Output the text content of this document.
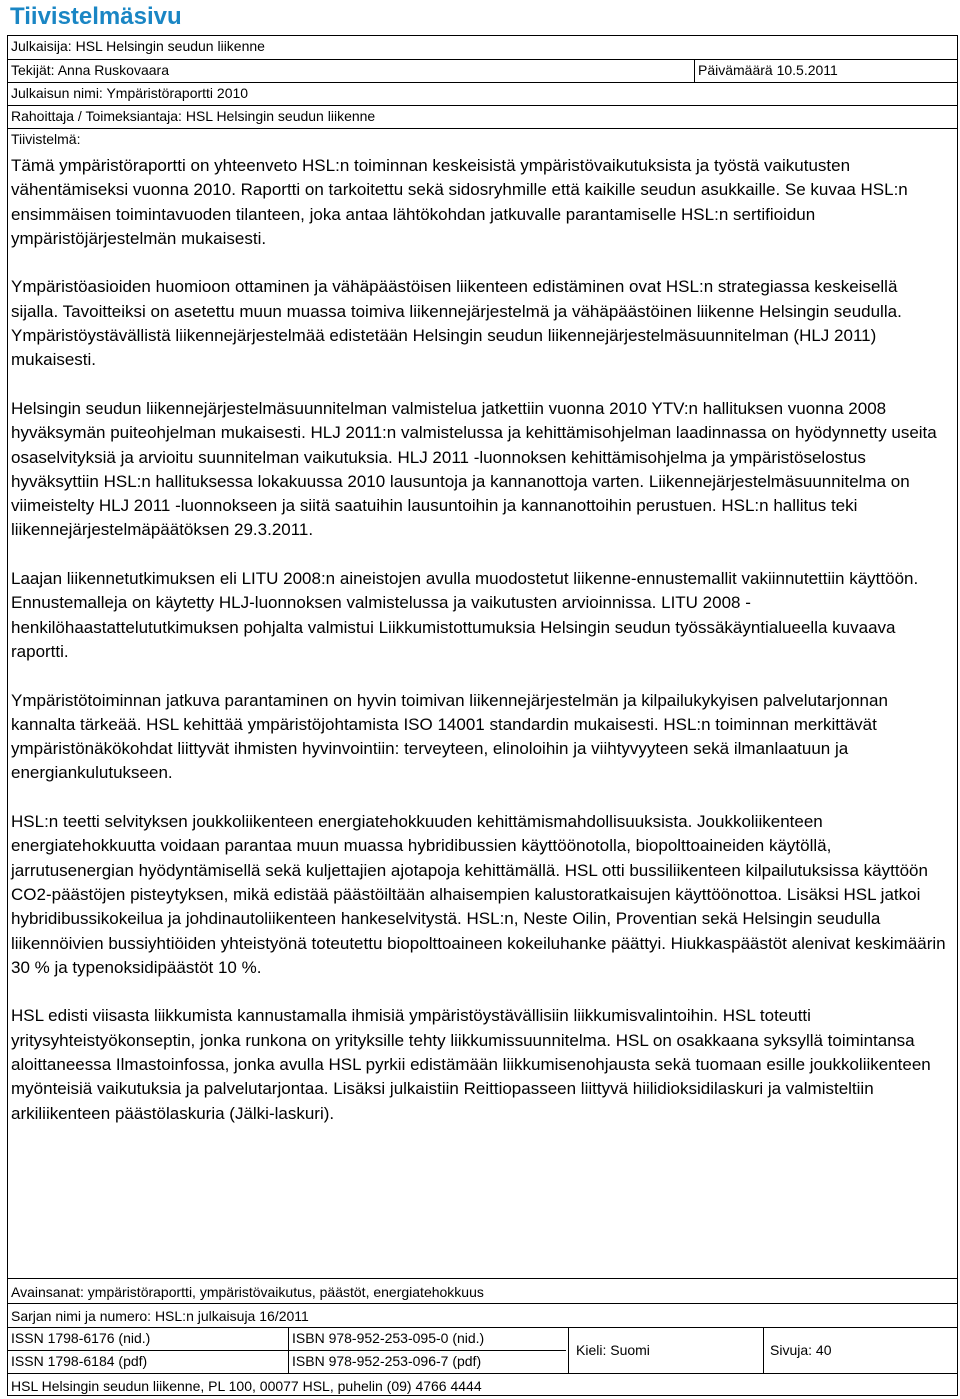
Tiivistelmäsivu
Julkaisija: HSL Helsingin seudun liikenne
Tekijät: Anna Ruskovaara	Päivämäärä 10.5.2011
Julkaisun nimi: Ympäristöraportti 2010
Rahoittaja / Toimeksiantaja: HSL Helsingin seudun liikenne
Tiivistelmä:

Tämä ympäristöraportti on yhteenveto HSL:n toiminnan keskeisistä ympäristövaikutuksista ja työstä vaikutusten vähentämiseksi vuonna 2010. Raportti on tarkoitettu sekä sidosryhmille että kaikille seudun asukkaille. Se kuvaa HSL:n ensimmäisen toimintavuoden tilanteen, joka antaa lähtökohdan jatkuvalle parantamiselle HSL:n sertifioidun ympäristöjärjestelmän mukaisesti.

Ympäristöasioiden huomioon ottaminen ja vähäpäästöisen liikenteen edistäminen ovat HSL:n strategiassa keskeisellä sijalla. Tavoitteiksi on asetettu muun muassa toimiva liikennejärjestelmä ja vähäpäästöinen liikenne Helsingin seudulla. Ympäristöystävällistä liikennejärjestelmää edistetään Helsingin seudun liikennejärjestelmäsuunnitelman (HLJ 2011) mukaisesti.

Helsingin seudun liikennejärjestelmäsuunnitelman valmistelua jatkettiin vuonna 2010 YTV:n hallituksen vuonna 2008 hyväksymän puiteohjelman mukaisesti. HLJ 2011:n valmistelussa ja kehittämisohjelman laadinnassa on hyödynnetty useita osaselvityksiä ja arvioitu suunnitelman vaikutuksia. HLJ 2011 -luonnoksen kehittämisohjelma ja ympäristöselostus hyväksyttiin HSL:n hallituksessa lokakuussa 2010 lausuntoja ja kannanottoja varten. Liikennejärjestelmäsuunnitelma on viimeistelty HLJ 2011 -luonnokseen ja siitä saatuihin lausuntoihin ja kannanottoihin perustuen. HSL:n hallitus teki liikennejärjestelmäpäätöksen 29.3.2011.

Laajan liikennetutkimuksen eli LITU 2008:n aineistojen avulla muodostetut liikenne-ennustemallit vakiinnutettiin käyttöön. Ennustemalleja on käytetty HLJ-luonnoksen valmistelussa ja vaikutusten arvioinnissa. LITU 2008 -henkilöhaastattelututkimuksen pohjalta valmistui Liikkumistottumuksia Helsingin seudun työssäkäyntialueella kuvaava raportti.

Ympäristötoiminnan jatkuva parantaminen on hyvin toimivan liikennejärjestelmän ja kilpailukykyisen palvelutarjonnan kannalta tärkeää. HSL kehittää ympäristöjohtamista ISO 14001 standardin mukaisesti. HSL:n toiminnan merkittävät ympäristönäkökohdat liittyvät ihmisten hyvinvointiin: terveyteen, elinoloihin ja viihtyvyyteen sekä ilmanlaatuun ja energiankulutukseen.

HSL:n teetti selvityksen joukkoliikenteen energiatehokkuuden kehittämismahdollisuuksista. Joukkoliikenteen energiatehokkuutta voidaan parantaa muun muassa hybridibussien käyttöönotolla, biopolttoaineiden käytöllä, jarrutusenergian hyödyntämisellä sekä kuljettajien ajotapoja kehittämällä. HSL otti bussiliikenteen kilpailutuksissa käyttöön CO2-päästöjen pisteytyksen, mikä edistää päästöiltään alhaisempien kalustoratkaisujen käyttöönottoa. Lisäksi HSL jatkoi hybridibussikokeilua ja johdinautoliikenteen hankeselvitystä. HSL:n, Neste Oilin, Proventian sekä Helsingin seudulla liikennöivien bussiyhtiöiden yhteistyönä toteutettu biopolttoaineen kokeiluhanke päättyi. Hiukkaspäästöt alenivat keskimäärin 30 % ja typenoksidipäästöt 10 %.

HSL edisti viisasta liikkumista kannustamalla ihmisiä ympäristöystävällisiin liikkumisvalintoihin. HSL toteutti yritysyhteistyökonseptin, jonka runkona on yrityksille tehty liikkumissuunnitelma. HSL on osakkaana syksyllä toimintansa aloittaneessa Ilmastoinfossa, jonka avulla HSL pyrkii edistämään liikkumisenohjausta sekä tuomaan esille joukkoliikenteen myönteisiä vaikutuksia ja palvelutarjontaa. Lisäksi julkaistiin Reittiopasseen liittyvä hiilidioksidilaskuri ja valmisteltiin arkiliikenteen päästölaskuria (Jälki-laskuri).

Avainsanat: ympäristöraportti, ympäristövaikutus, päästöt, energiatehokkuus
Sarjan nimi ja numero: HSL:n julkaisuja 16/2011
HSL Helsingin seudun liikenne, PL 100, 00077 HSL, puhelin (09) 4766 4444
ISSN 1798-6176 (nid.)	ISBN 978-952-253-095-0 (nid.)
ISSN 1798-6184 (pdf)	ISBN 978-952-253-096-7 (pdf)
Kieli: Suomi	Sivuja: 40
